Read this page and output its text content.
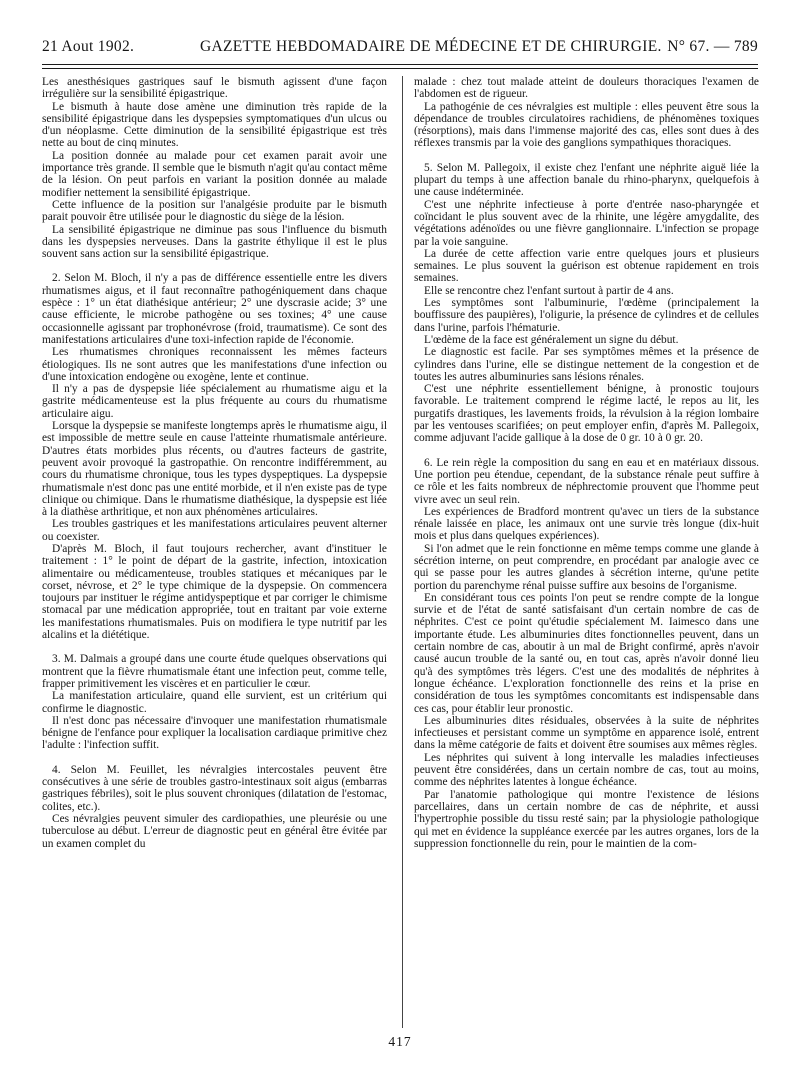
21 Aout 1902.	GAZETTE HEBDOMADAIRE DE MÉDECINE ET DE CHIRURGIE. N° 67. — 789

Les anesthésiques gastriques sauf le bismuth agissent d'une façon irrégulière sur la sensibilité épigastrique.

Le bismuth à haute dose amène une diminution très rapide de la sensibilité épigastrique dans les dyspepsies symptomatiques d'un ulcus ou d'un néoplasme. Cette diminution de la sensibilité épigastrique est très nette au bout de cinq minutes.

La position donnée au malade pour cet examen parait avoir une importance très grande. Il semble que le bismuth n'agit qu'au contact même de la lésion. On peut parfois en variant la position donnée au malade modifier nettement la sensibilité épigastrique.

Cette influence de la position sur l'analgésie produite par le bismuth parait pouvoir être utilisée pour le diagnostic du siège de la lésion.

La sensibilité épigastrique ne diminue pas sous l'influence du bismuth dans les dyspepsies nerveuses. Dans la gastrite éthylique il est le plus souvent sans action sur la sensibilité épigastrique.

2. Selon M. Bloch, il n'y a pas de différence essentielle entre les divers rhumatismes aigus, et il faut reconnaître pathogéniquement dans chaque espèce : 1° un état diathésique antérieur; 2° une dyscrasie acide; 3° une cause efficiente, le microbe pathogène ou ses toxines; 4° une cause occasionnelle agissant par trophonévrose (froid, traumatisme). Ce sont des manifestations articulaires d'une toxi-infection rapide de l'économie.

Les rhumatismes chroniques reconnaissent les mêmes facteurs étiologiques. Ils ne sont autres que les manifestations d'une infection ou d'une intoxication endogène ou exogène, lente et continue.

Il n'y a pas de dyspepsie liée spécialement au rhumatisme aigu et la gastrite médicamenteuse est la plus fréquente au cours du rhumatisme articulaire aigu.

Lorsque la dyspepsie se manifeste longtemps après le rhumatisme aigu, il est impossible de mettre seule en cause l'atteinte rhumatismale antérieure. D'autres états morbides plus récents, ou d'autres facteurs de gastrite, peuvent avoir provoqué la gastropathie. On rencontre indifféremment, au cours du rhumatisme chronique, tous les types dyspeptiques. La dyspepsie rhumatismale n'est donc pas une entité morbide, et il n'en existe pas de type clinique ou chimique. Dans le rhumatisme diathésique, la dyspepsie est liée à la diathèse arthritique, et non aux phénomènes articulaires.

Les troubles gastriques et les manifestations articulaires peuvent alterner ou coexister.

D'après M. Bloch, il faut toujours rechercher, avant d'instituer le traitement : 1° le point de départ de la gastrite, infection, intoxication alimentaire ou médicamenteuse, troubles statiques et mécaniques par le corset, névrose, et 2° le type chimique de la dyspepsie. On commencera toujours par instituer le régime antidyspeptique et par corriger le chimisme stomacal par une médication appropriée, tout en traitant par voie externe les manifestations rhumatismales. Puis on modifiera le type nutritif par les alcalins et la diététique.

3. M. Dalmais a groupé dans une courte étude quelques observations qui montrent que la fièvre rhumatismale étant une infection peut, comme telle, frapper primitivement les viscères et en particulier le cœur.

La manifestation articulaire, quand elle survient, est un critérium qui confirme le diagnostic.

Il n'est donc pas nécessaire d'invoquer une manifestation rhumatismale bénigne de l'enfance pour expliquer la localisation cardiaque primitive chez l'adulte : l'infection suffit.

4. Selon M. Feuillet, les névralgies intercostales peuvent être consécutives à une série de troubles gastro-intestinaux soit aigus (embarras gastriques fébriles), soit le plus souvent chroniques (dilatation de l'estomac, colites, etc.).

Ces névralgies peuvent simuler des cardiopathies, une pleurésie ou une tuberculose au début. L'erreur de diagnostic peut en général être évitée par un examen complet du

malade : chez tout malade atteint de douleurs thoraciques l'examen de l'abdomen est de rigueur.

La pathogénie de ces névralgies est multiple : elles peuvent être sous la dépendance de troubles circulatoires rachidiens, de phénomènes toxiques (résorptions), mais dans l'immense majorité des cas, elles sont dues à des réflexes transmis par la voie des ganglions sympathiques thoraciques.

5. Selon M. Pallegoix, il existe chez l'enfant une néphrite aiguë liée la plupart du temps à une affection banale du rhino-pharynx, quelquefois à une cause indéterminée.

C'est une néphrite infectieuse à porte d'entrée naso-pharyngée et coïncidant le plus souvent avec de la rhinite, une légère amygdalite, des végétations adénoïdes ou une fièvre ganglionnaire. L'infection se propage par la voie sanguine.

La durée de cette affection varie entre quelques jours et plusieurs semaines. Le plus souvent la guérison est obtenue rapidement en trois semaines.

Elle se rencontre chez l'enfant surtout à partir de 4 ans.

Les symptômes sont l'albuminurie, l'œdème (principalement la bouffissure des paupières), l'oligurie, la présence de cylindres et de cellules dans l'urine, parfois l'hématurie.

L'œdème de la face est généralement un signe du début.

Le diagnostic est facile. Par ses symptômes mêmes et la présence de cylindres dans l'urine, elle se distingue nettement de la congestion et de toutes les autres albuminuries sans lésions rénales.

C'est une néphrite essentiellement bénigne, à pronostic toujours favorable. Le traitement comprend le régime lacté, le repos au lit, les purgatifs drastiques, les lavements froids, la révulsion à la région lombaire par les ventouses scarifiées; on peut employer enfin, d'après M. Pallegoix, comme adjuvant l'acide gallique à la dose de 0 gr. 10 à 0 gr. 20.

6. Le rein règle la composition du sang en eau et en matériaux dissous. Une portion peu étendue, cependant, de la substance rénale peut suffire à ce rôle et les faits nombreux de néphrectomie prouvent que l'homme peut vivre avec un seul rein.

Les expériences de Bradford montrent qu'avec un tiers de la substance rénale laissée en place, les animaux ont une survie très longue (dix-huit mois et plus dans quelques expériences).

Si l'on admet que le rein fonctionne en même temps comme une glande à sécrétion interne, on peut comprendre, en procédant par analogie avec ce qui se passe pour les autres glandes à sécrétion interne, qu'une petite portion du parenchyme rénal puisse suffire aux besoins de l'organisme.

En considérant tous ces points l'on peut se rendre compte de la longue survie et de l'état de santé satisfaisant d'un certain nombre de cas de néphrites. C'est ce point qu'étudie spécialement M. Iaimesco dans une importante étude. Les albuminuries dites fonctionnelles peuvent, dans un certain nombre de cas, aboutir à un mal de Bright confirmé, après n'avoir causé aucun trouble de la santé ou, en tout cas, après n'avoir donné lieu qu'à des symptômes très légers. C'est une des modalités de néphrites à longue échéance. L'exploration fonctionnelle des reins et la prise en considération de tous les symptômes concomitants est indispensable dans ces cas, pour établir leur pronostic.

Les albuminuries dites résiduales, observées à la suite de néphrites infectieuses et persistant comme un symptôme en apparence isolé, entrent dans la même catégorie de faits et doivent être soumises aux mêmes règles.

Les néphrites qui suivent à long intervalle les maladies infectieuses peuvent être considérées, dans un certain nombre de cas, tout au moins, comme des néphrites latentes à longue échéance.

Par l'anatomie pathologique qui montre l'existence de lésions parcellaires, dans un certain nombre de cas de néphrite, et aussi l'hypertrophie possible du tissu resté sain; par la physiologie pathologique qui met en évidence la suppléance exercée par les autres organes, lors de la suppression fonctionnelle du rein, pour le maintien de la com-

417
